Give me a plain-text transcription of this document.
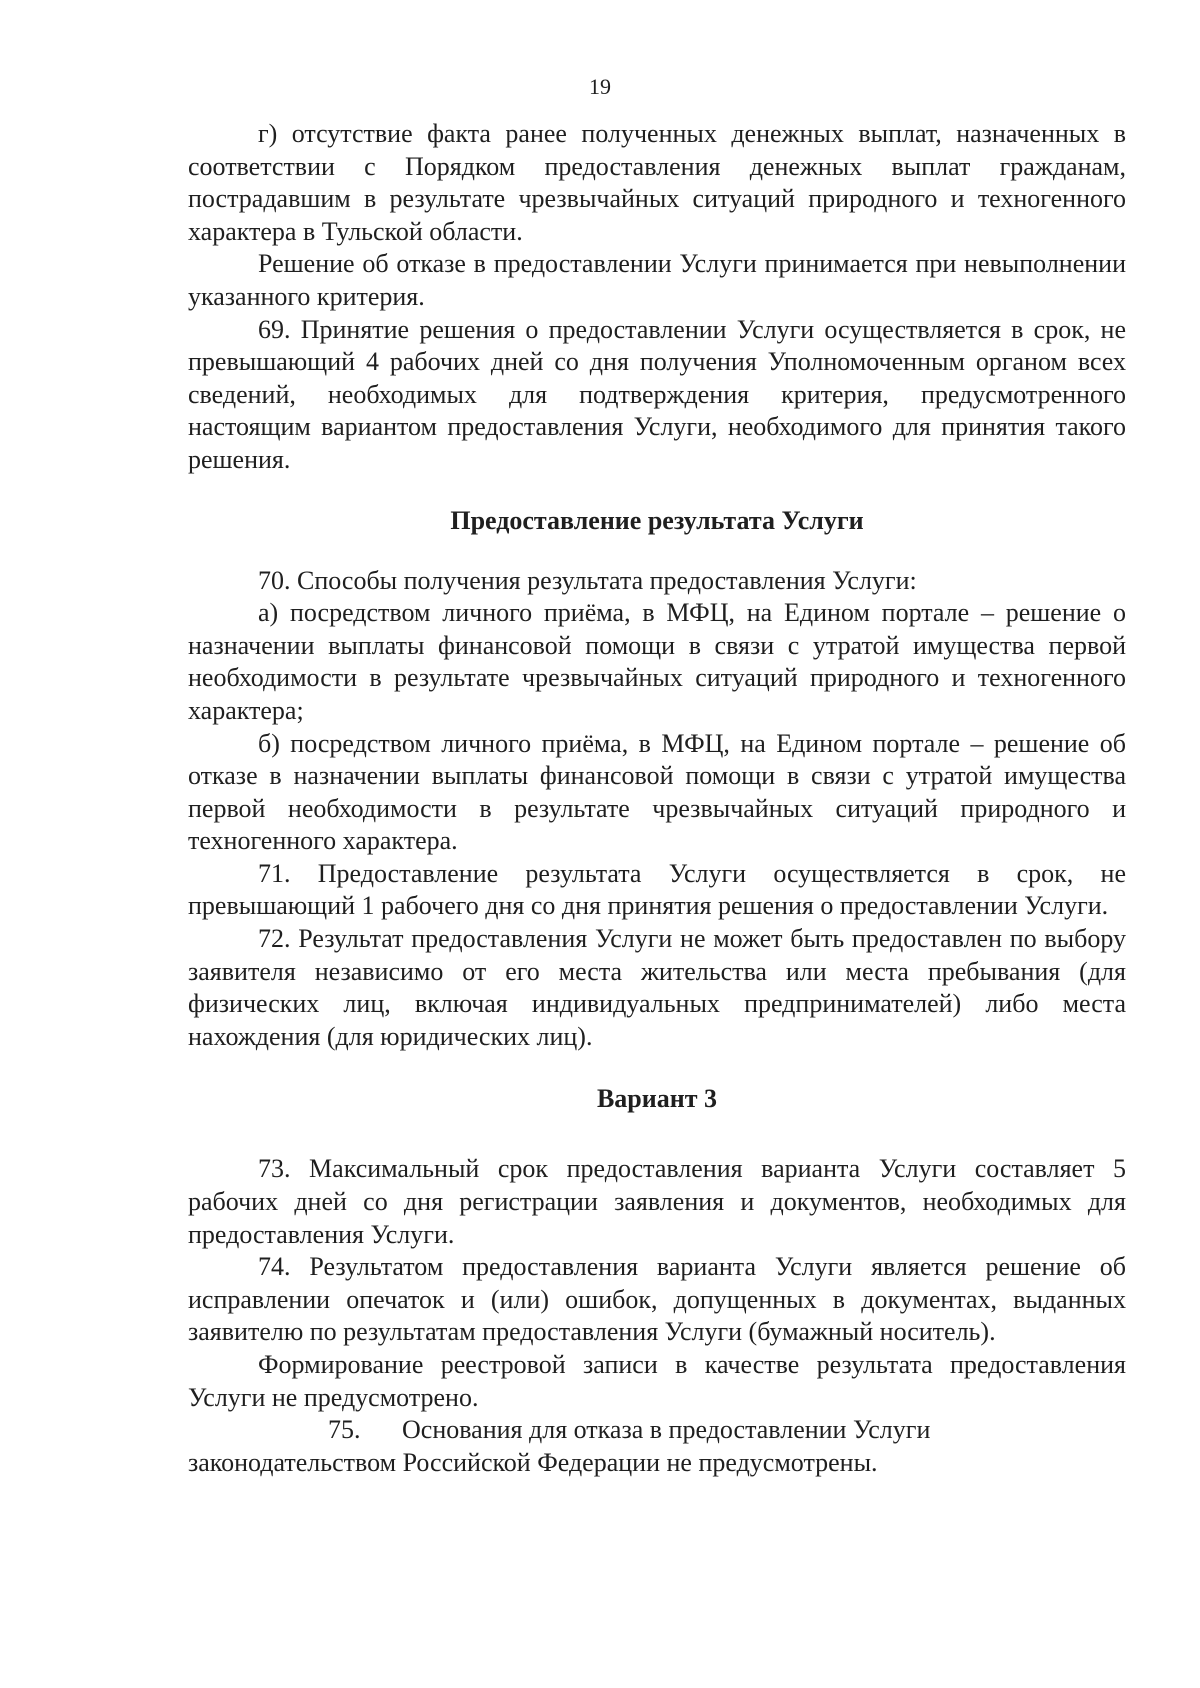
19

г) отсутствие факта ранее полученных денежных выплат, назначенных в соответствии с Порядком предоставления денежных выплат гражданам, пострадавшим в результате чрезвычайных ситуаций природного и техногенного характера в Тульской области.

Решение об отказе в предоставлении Услуги принимается при невыполнении указанного критерия.

69. Принятие решения о предоставлении Услуги осуществляется в срок, не превышающий 4 рабочих дней со дня получения Уполномоченным органом всех сведений, необходимых для подтверждения критерия, предусмотренного настоящим вариантом предоставления Услуги, необходимого для принятия такого решения.

Предоставление результата Услуги

70. Способы получения результата предоставления Услуги:

а) посредством личного приёма, в МФЦ, на Едином портале – решение о назначении выплаты финансовой помощи в связи с утратой имущества первой необходимости в результате чрезвычайных ситуаций природного и техногенного характера;

б) посредством личного приёма, в МФЦ, на Едином портале – решение об отказе в назначении выплаты финансовой помощи в связи с утратой имущества первой необходимости в результате чрезвычайных ситуаций природного и техногенного характера.

71. Предоставление результата Услуги осуществляется в срок, не превышающий 1 рабочего дня со дня принятия решения о предоставлении Услуги.

72. Результат предоставления Услуги не может быть предоставлен по выбору заявителя независимо от его места жительства или места пребывания (для физических лиц, включая индивидуальных предпринимателей) либо места нахождения (для юридических лиц).

Вариант 3

73. Максимальный срок предоставления варианта Услуги составляет 5 рабочих дней со дня регистрации заявления и документов, необходимых для предоставления Услуги.

74. Результатом предоставления варианта Услуги является решение об исправлении опечаток и (или) ошибок, допущенных в документах, выданных заявителю по результатам предоставления Услуги (бумажный носитель).

Формирование реестровой записи в качестве результата предоставления Услуги не предусмотрено.

75. Основания для отказа в предоставлении Услуги
законодательством Российской Федерации не предусмотрены.
